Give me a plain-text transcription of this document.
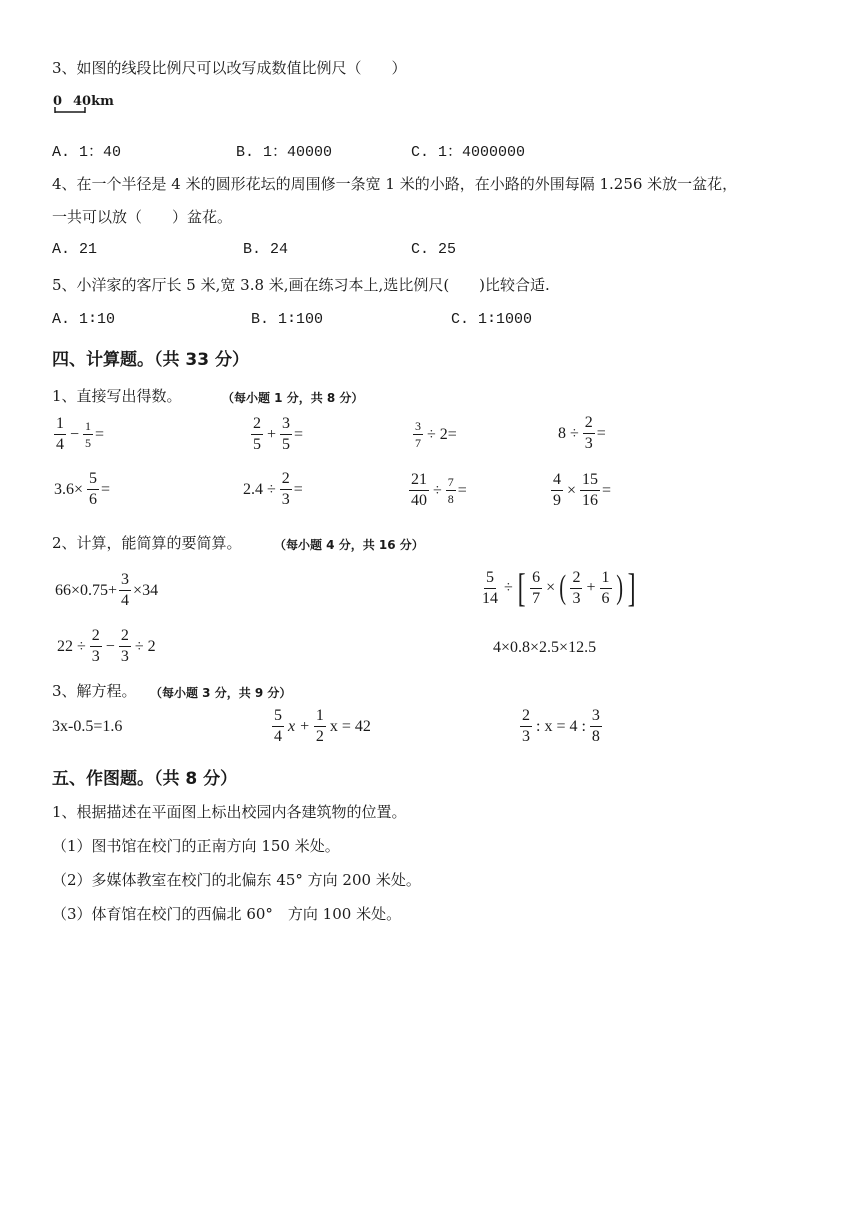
3、如图的线段比例尺可以改写成数值比例尺（　　）
0 40km
A. 1：40	B. 1：40000	C. 1：4000000
4、在一个半径是 4 米的圆形花坛的周围修一条宽 1 米的小路，在小路的外围每隔 1.256 米放一盆花，
一共可以放（　　）盆花。
A. 21	B. 24	C. 25
5、小洋家的客厅长 5 米,宽 3.8 米,画在练习本上,选比例尺(　　)比较合适.
A. 1∶10	B. 1∶100	C. 1∶1000
四、计算题。（共 33 分）
1、直接写出得数。	（每小题 1 分，共 8 分）
$\frac{1}{4} - \frac{1}{5}$ =	$\frac{2}{5} + \frac{3}{5}$ =	$\frac{3}{7} \div 2=$	$8 \div \frac{2}{3}$ =
$3.6\times \frac{5}{6}$ =	$2.4 \div \frac{2}{3}$ =	$\frac{21}{40} \div \frac{7}{8}$ =	$\frac{4}{9} \times \frac{15}{16}$ =
2、计算，能简算的要简算。	（每小题 4 分，共 16 分）
$66\times 0.75+ \frac{3}{4} \times 34$	$\frac{5}{14}$ ÷ [ $\frac{6}{7}$ × ( $\frac{2}{3} + \frac{1}{6}$ ) ]
$22 \div \frac{2}{3} - \frac{2}{3} \div 2$	4×0.8×2.5×12.5
3、解方程。 （每小题 3 分，共 9 分）
3x-0.5=1.6	$\frac{5}{4}$ $x + \frac{1}{2}$ x = 42	$\frac{2}{3}$ : x = 4 : $\frac{3}{8}$
五、作图题。（共 8 分）
1、根据描述在平面图上标出校园内各建筑物的位置。
（1）图书馆在校门的正南方向 150 米处。
（2）多媒体教室在校门的北偏东 45° 方向 200 米处。
（3）体育馆在校门的西偏北 60°　方向 100 米处。
